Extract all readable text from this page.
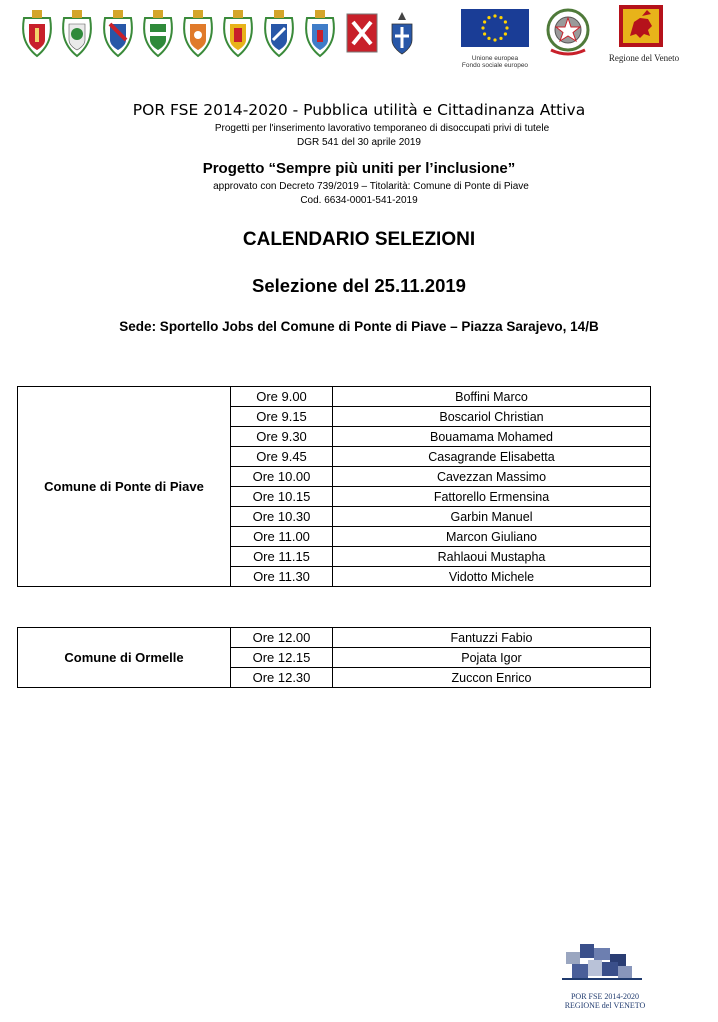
Unione europea
Fondo sociale europeo
Regione del Veneto
POR FSE 2014-2020 - Pubblica utilità e Cittadinanza Attiva
Progetti per l'inserimento lavorativo temporaneo di disoccupati privi di tutele
DGR 541 del 30 aprile 2019
Progetto “Sempre più uniti per l’inclusione”
approvato con Decreto 739/2019 – Titolarità: Comune di Ponte di Piave
Cod. 6634-0001-541-2019
CALENDARIO SELEZIONI
Selezione del 25.11.2019
Sede: Sportello Jobs del Comune di Ponte di Piave – Piazza Sarajevo, 14/B
Comune di Ponte di Piave	Ore 9.00	Boffini Marco
	Ore 9.15	Boscariol Christian
	Ore 9.30	Bouamama Mohamed
	Ore 9.45	Casagrande Elisabetta
	Ore 10.00	Cavezzan Massimo
	Ore 10.15	Fattorello Ermensina
	Ore 10.30	Garbin Manuel
	Ore 11.00	Marcon Giuliano
	Ore 11.15	Rahlaoui Mustapha
	Ore 11.30	Vidotto Michele
Comune di Ormelle	Ore 12.00	Fantuzzi Fabio
	Ore 12.15	Pojata Igor
	Ore 12.30	Zuccon Enrico
POR FSE 2014-2020
REGIONE del VENETO
